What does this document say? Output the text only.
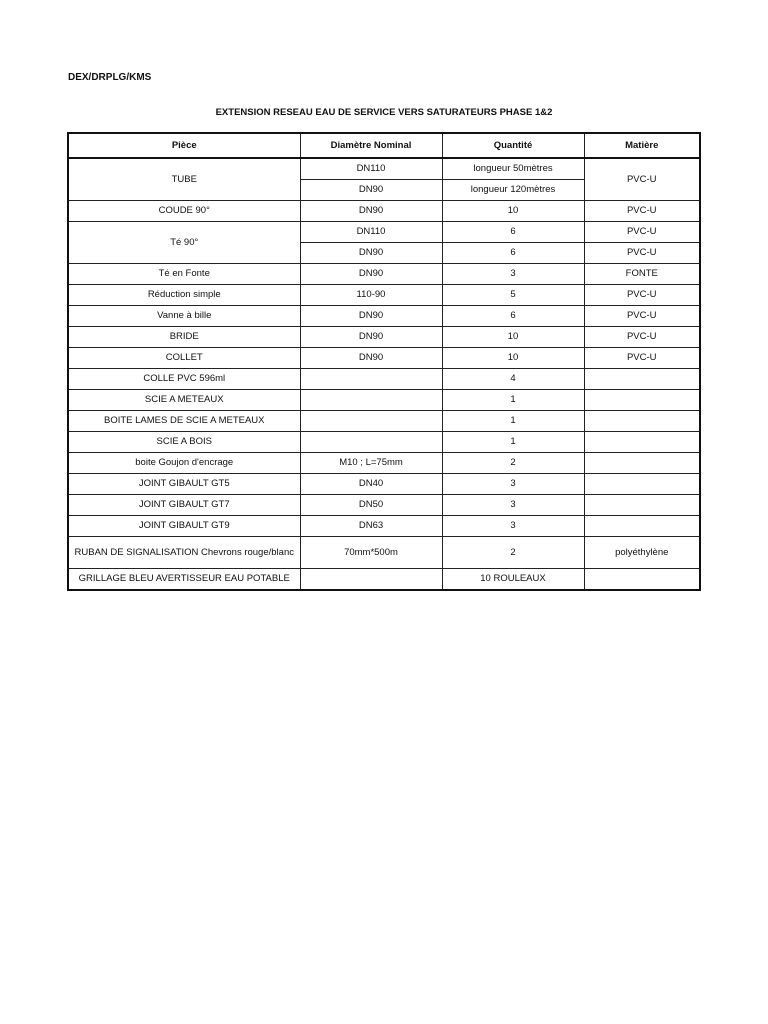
DEX/DRPLG/KMS
EXTENSION RESEAU EAU DE SERVICE VERS SATURATEURS PHASE 1&2
Pièce	Diamètre Nominal	Quantité	Matière
TUBE	DN110	longueur 50mètres	PVC-U
	DN90	longueur 120mètres	
COUDE 90°	DN90	10	PVC-U
Té 90°	DN110	6	PVC-U
	DN90	6	PVC-U
Té en Fonte	DN90	3	FONTE
Réduction simple	110-90	5	PVC-U
Vanne à bille	DN90	6	PVC-U
BRIDE	DN90	10	PVC-U
COLLET	DN90	10	PVC-U
COLLE PVC 596ml		4	
SCIE A METEAUX		1	
BOITE LAMES DE SCIE A METEAUX		1	
SCIE A BOIS		1	
boite Goujon d'encrage	M10 ; L=75mm	2	
JOINT GIBAULT GT5	DN40	3	
JOINT GIBAULT GT7	DN50	3	
JOINT GIBAULT GT9	DN63	3	
RUBAN DE SIGNALISATION Chevrons rouge/blanc	70mm*500m	2	polyéthylène
GRILLAGE BLEU AVERTISSEUR EAU POTABLE		10 ROULEAUX	
